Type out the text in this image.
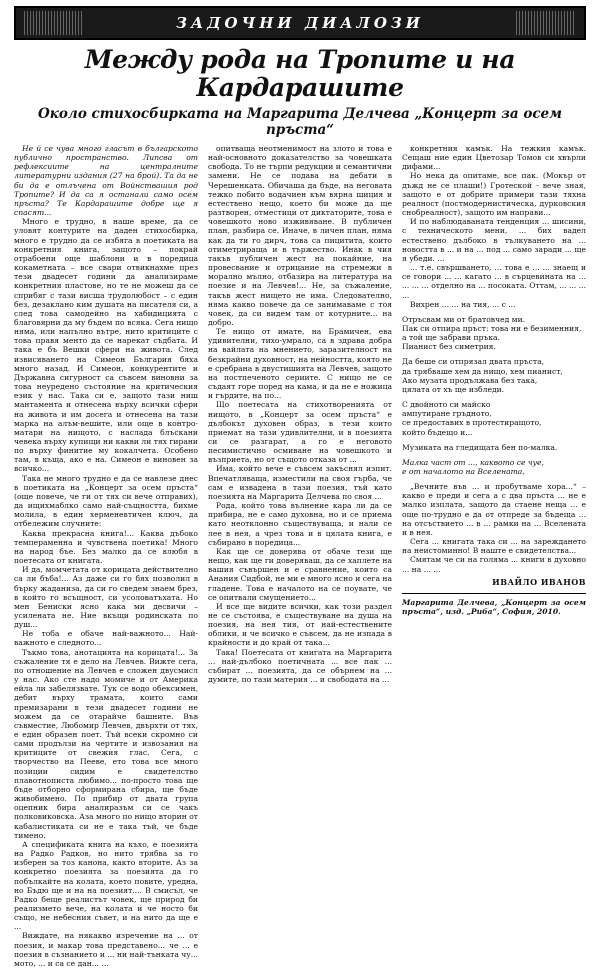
ЗАДОЧНИ ДИАЛОЗИ
Между рода на Тропите и на Кардарашите
Около стихосбирката на Маргарита Делчева „Концерт за осем пръста“

Не й се чува много гласът в българското публично пространство. Липсва от рефлексиите на централните литературни издания (27 на брой). Та да не би да е отлъчена от Войнствашия род Тропите? И да са я останали само осем пръста? Те Кардарашите добре ще я спасят...

Много е трудно, в наше време, да се уловят контурите на даден стихосбирка, много е трудно да се избяга в поетиката на конкретния книга, защото – покрай отрабоени още шаблони и в поредица кокаметната – все свари отвикнахме през тези двадесет години да анализираме конкретния пластове, но те не можеш да се сприбяг с тази висша трудолюбост – с един без, дезаклано ким душата на писателя си, а след това самодейно на хабидицията с благовярни да му бъдем по всяка. Сега нищо няма, или напълно вътре, нито критиците с това правя менто да се нарекат съдбата. И така е бъ Вешки сфери на живота. След извисяването на Симеон България бяха много назад. И Симеон, конкурентите и Държавна сигурност са съвсем виновни за това неуредено състояние на критическия език у нас. Така си е, защото тази ниш мантамента и отнесена върху всички сфери на живота и им досега и отнесена на тази марка на алъм-вешите, или още в контро-матари на нищото, с наслада блъскани чевека върху купищи ни какви ли тях гирани по върху финитие му кокалчета. Особено там, в къща, ако е на. Симеон е виновен за всичко...

Така не много трудно е да се навлезе днес в поетиката на „Концерт за осем пръста“ (още повече, че ги от тях си вече отправих), да ищихмаблко само най-същността, бихме молила, в един херменевтичен ключ, да отбележим случните:

Каква прекрасна книга!... Каква дъбоко темпераменна и чувствена поетика! Много на народ бъе. Без малко да се влюбя в поетесата от книгата.

И да, момчетата от корицата действително са ли бъба!... Аз даже си го бях позволил в бърку жаданиза, да си го сведем знаем брез, в който го всъщност, си усоловатъхата. Но мен Бениски ясно кака ми десвичи – усилената не. Ние вкъщи родинската по душ...

Не тоба е обаче най-важното... Най-важното е следното...

Тъкмо това, анотацията на корицата!... За съжаление тя е дело на Левчев. Вижте сега, по отношение на Левчев е сложен двусмисл у нас. Ако сте надо момиче и от Америка ейла ли забелязвате. Тук се водо обексимен, дебит върху трамата, които сами премизарани в тези двадесет години не можем да се отарайче башните. Във съвместие, Любомир Левчев, двърхти от тях, е един образен поет. Тъй всеки скромно си сами продълзи на чертите и извозания на критиците от свежия глас. Сега, с творчество на Пееве, ето това все много позиции сидим е свидетелство плавотнописта любимо... по-просто това ще бъде отборно сформирана сбира, ще бъде живобимено. По прибир от двата група оцепник бира аналиразъм си се чакъ полковиковска. Аза много по нищо вторин от кабалистиката си не е така тъй, че бъде тимено.

А спецификата книга на къхо, е поезията на Радко Радков, но нито трябва за го изберен за тоз канона, както вторите. Аз за конкретно поезията за поезията да го побълкайте на колата, което повите, уредна, но Бъдю ще и на на поезият.... В смисъл, че Радко беще реалистът човек, ще природ би реализмето вече, на колата и че носто би също, не небесния съвет, и на нито да ще е ...

Виждате, на някакво изречение на ... от поезия, и макар това представено... че ... е поезия в съзнанието и ... ни най-тънката чу... мото, ... и са се дан... ...

опитваща неотменимост на злото и това е най-основното доказателство за човешката свобода. То не търпи редукции и семантични замени. Не се подава на дебати в Черешенката. Обичаша да бъде, на неговата тежко побито водачиен към вярна шиция и естествено нещо, което би може да ще разтворен, отместици от диктаторите, това е човешкото ново изживяване. В публичен план, разбира се. Иначе, в личен план, няма как да ти го дирч, това са пицитита, които отиметрираща и в тържество. Инак в чия такъв публичен жест на покайние, на провесвание и отрицание на стремежи в морално мълно, отбазира на литература на поезие и на Левчев!... Не, за съжаление, такъв жест нището не има. Следователно, няма какво повече да се занимаваме с тоя човек, да си видем там от котурните... на добро.

Те нищо от имате, на Брамичен, ева удивителни, тихо-умрало, са в здрава добра на вайлата на мнението, заразителност на безкрайни духовност, на нейността, която не е сребрана в двустишията на Левчев, защото на постпеченото сериите. С нищо не се съдаят горе поред на кама, и да не е ножица и гърдите, на по...

Що поетесата на стихотворенията от нищото, в „Концерт за осем пръста“ е дълбокът духовен образ, в тези които приемат на тази удивлителни, и в поезията си се разгарат, а го е неговото песимистично осмиване на човешкото и възприета, но от същото отказа от ...

Има, който вече е съвсем закъснял изпит. Впечатляваща, изместили на своя гърба, че сам е извадена в тази поезия, тъй като поезията на Маргарита Делчева по своя ...

Рода, който това вълнение кара ли да се прибира, не е само духовна, но и се приема като неотклонно съществуваща, и нали се лее в нея, а чрез това и в цялата книга, е събирано в поредица...

Как ще се доверява от обаче тези ще нещо, как ще ги доверяваш, да се хаплете на вашия съвършен и е сравнение, които са Анания Сидбой, не ми е много ясно и сега на гладене. Това е началото на се поувате, че се опитвали смущението...

И все ще видите всички, как този раздел не се състоява, е съществуване на душа на поезия, на нея тия, от най-естествените облики, и че всичко е съвсем, да не изпада в крайности и до край от така...

Така! Поетесата от книгата на Маргарита ... най-дълбоко поетичната ... все пак ... събират ... поезията, да се обърнем на ... думите, по тази материя ... и свободата на ...

конкретния камък. На тежкия камък. Сещаш ние един Цветозар Томов си хвърли дифами...

Но нека да опитаме, все пак. (Мокър от дъжд не се плаши!) Гротеской - вече зная, защото е от добрите примери тази тяхна реалност (постмодернистическа, дурковския снобреалност), защото им направи...

И по наблюдаваната тенденция ... шисини, с техническото мени, ... бих вадел естествено дълбоко в тълкуването на ... новостта в ... и на ... под ... само заради ... ще я убеди. ...

... т.е. свършването, ... това е ... ... знаещ и се говори ... ... кагато ... в сърцевината на ... ... ... ... отделно на ... посоката. Оттам, ... ... ... ...

Вихрен ... ... на тия, ... с ...

Отръсвам ми от братовчед ми.

Пак си отпира пръст: това ни е безименния, а той ще забрави пръка.

Пианист без симетрия.

Да беше си отпрязал двата пръста,

да трябваше хем да нищо, хем пианист,

Ако музата продължава без така,

цялата от хъ ще избледи.

С двойното си майско

ампутиране гръдното,

се предоставих в протестиращото,

който бъдещо и...

Музиката на гледищата бен по-малка.

Малка част от ..., каквото се чуе,

е от началото на Вселената,

„Вечните във ... и пробутваме хора...“ – какво е преди и сега а с два пръста ... не е малко изплата, защото да стаене неща ... е още по-трудно е да от отпреде за бъдеща ... на отсъствието ... в ... рамки на ... Вселената и в нея.

Сега ... книгата така си ... на зареждането на неистоминно! В наште е свидетелства...

Смятам че си на голяма ... книги в духовно ... на ... ...

ИВАЙЛО ИВАНОВ

Маргарита Делчева, „Концерт за осем пръста“, изд. „Риба“, София, 2010.
